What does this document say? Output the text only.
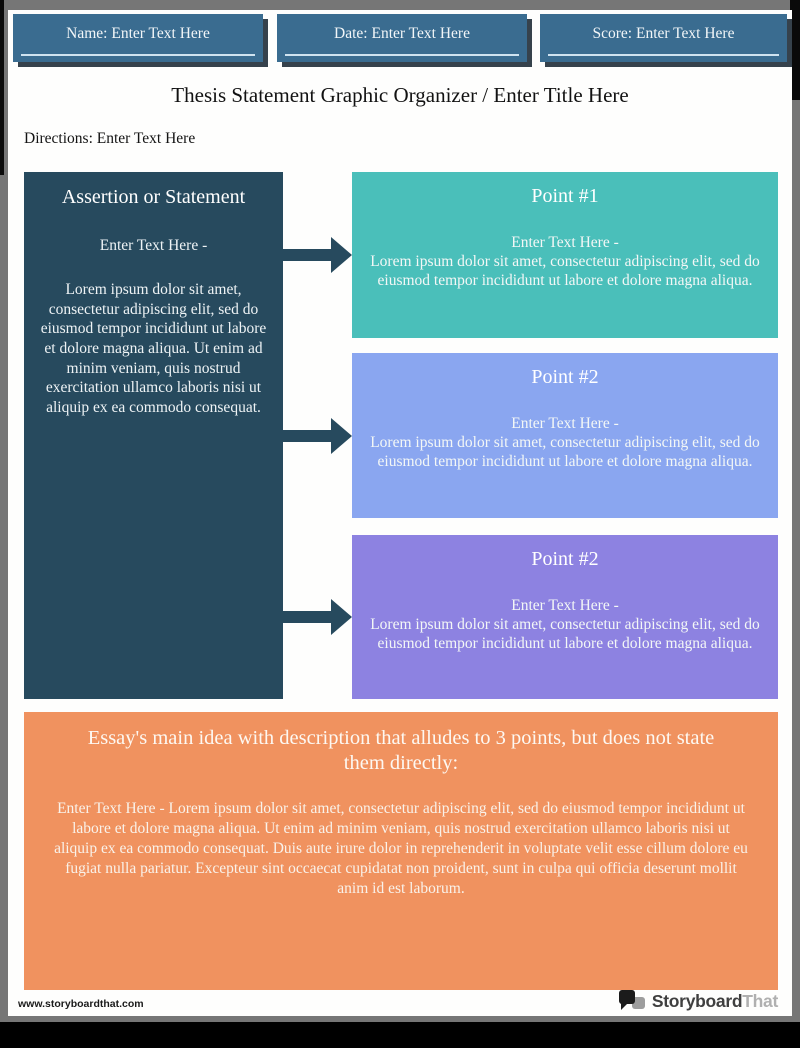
Name: Enter Text Here	Date: Enter Text Here	Score: Enter Text Here
Thesis Statement Graphic Organizer / Enter Title Here
Directions: Enter Text Here
Assertion or Statement
Enter Text Here -
Lorem ipsum dolor sit amet, consectetur adipiscing elit, sed do eiusmod tempor incididunt ut labore et dolore magna aliqua. Ut enim ad minim veniam, quis nostrud exercitation ullamco laboris nisi ut aliquip ex ea commodo consequat.
Point #1
Enter Text Here -
Lorem ipsum dolor sit amet, consectetur adipiscing elit, sed do eiusmod tempor incididunt ut labore et dolore magna aliqua.
Point #2
Enter Text Here -
Lorem ipsum dolor sit amet, consectetur adipiscing elit, sed do eiusmod tempor incididunt ut labore et dolore magna aliqua.
Point #2
Enter Text Here -
Lorem ipsum dolor sit amet, consectetur adipiscing elit, sed do eiusmod tempor incididunt ut labore et dolore magna aliqua.
Essay's main idea with description that alludes to 3 points, but does not state them directly:
Enter Text Here - Lorem ipsum dolor sit amet, consectetur adipiscing elit, sed do eiusmod tempor incididunt ut labore et dolore magna aliqua. Ut enim ad minim veniam, quis nostrud exercitation ullamco laboris nisi ut aliquip ex ea commodo consequat. Duis aute irure dolor in reprehenderit in voluptate velit esse cillum dolore eu fugiat nulla pariatur. Excepteur sint occaecat cupidatat non proident, sunt in culpa qui officia deserunt mollit anim id est laborum.
www.storyboardthat.com	StoryboardThat
